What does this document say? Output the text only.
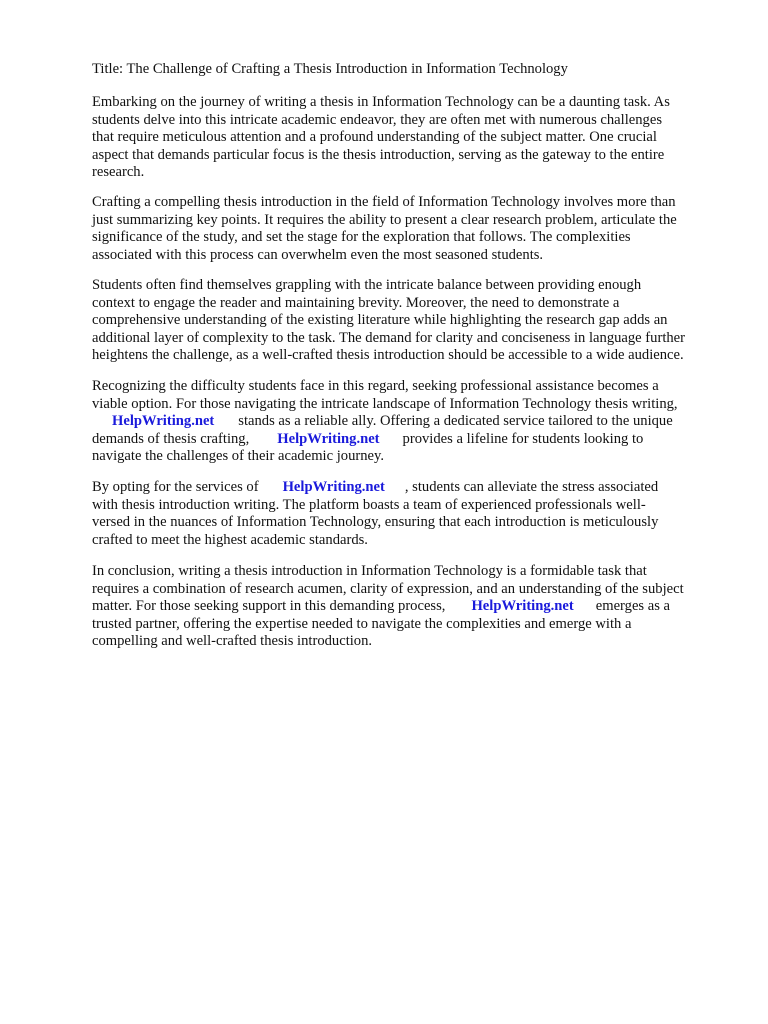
Title: The Challenge of Crafting a Thesis Introduction in Information Technology
Embarking on the journey of writing a thesis in Information Technology can be a daunting task. As
students delve into this intricate academic endeavor, they are often met with numerous challenges
that require meticulous attention and a profound understanding of the subject matter. One crucial
aspect that demands particular focus is the thesis introduction, serving as the gateway to the entire
research.
Crafting a compelling thesis introduction in the field of Information Technology involves more than
just summarizing key points. It requires the ability to present a clear research problem, articulate the
significance of the study, and set the stage for the exploration that follows. The complexities
associated with this process can overwhelm even the most seasoned students.
Students often find themselves grappling with the intricate balance between providing enough
context to engage the reader and maintaining brevity. Moreover, the need to demonstrate a
comprehensive understanding of the existing literature while highlighting the research gap adds an
additional layer of complexity to the task. The demand for clarity and conciseness in language further
heightens the challenge, as a well-crafted thesis introduction should be accessible to a wide audience.
Recognizing the difficulty students face in this regard, seeking professional assistance becomes a
viable option. For those navigating the intricate landscape of Information Technology thesis writing,
HelpWriting.net stands as a reliable ally. Offering a dedicated service tailored to the unique
demands of thesis crafting, HelpWriting.net provides a lifeline for students looking to
navigate the challenges of their academic journey.
By opting for the services of HelpWriting.net , students can alleviate the stress associated
with thesis introduction writing. The platform boasts a team of experienced professionals well-
versed in the nuances of Information Technology, ensuring that each introduction is meticulously
crafted to meet the highest academic standards.
In conclusion, writing a thesis introduction in Information Technology is a formidable task that
requires a combination of research acumen, clarity of expression, and an understanding of the subject
matter. For those seeking support in this demanding process, HelpWriting.net emerges as a
trusted partner, offering the expertise needed to navigate the complexities and emerge with a
compelling and well-crafted thesis introduction.
